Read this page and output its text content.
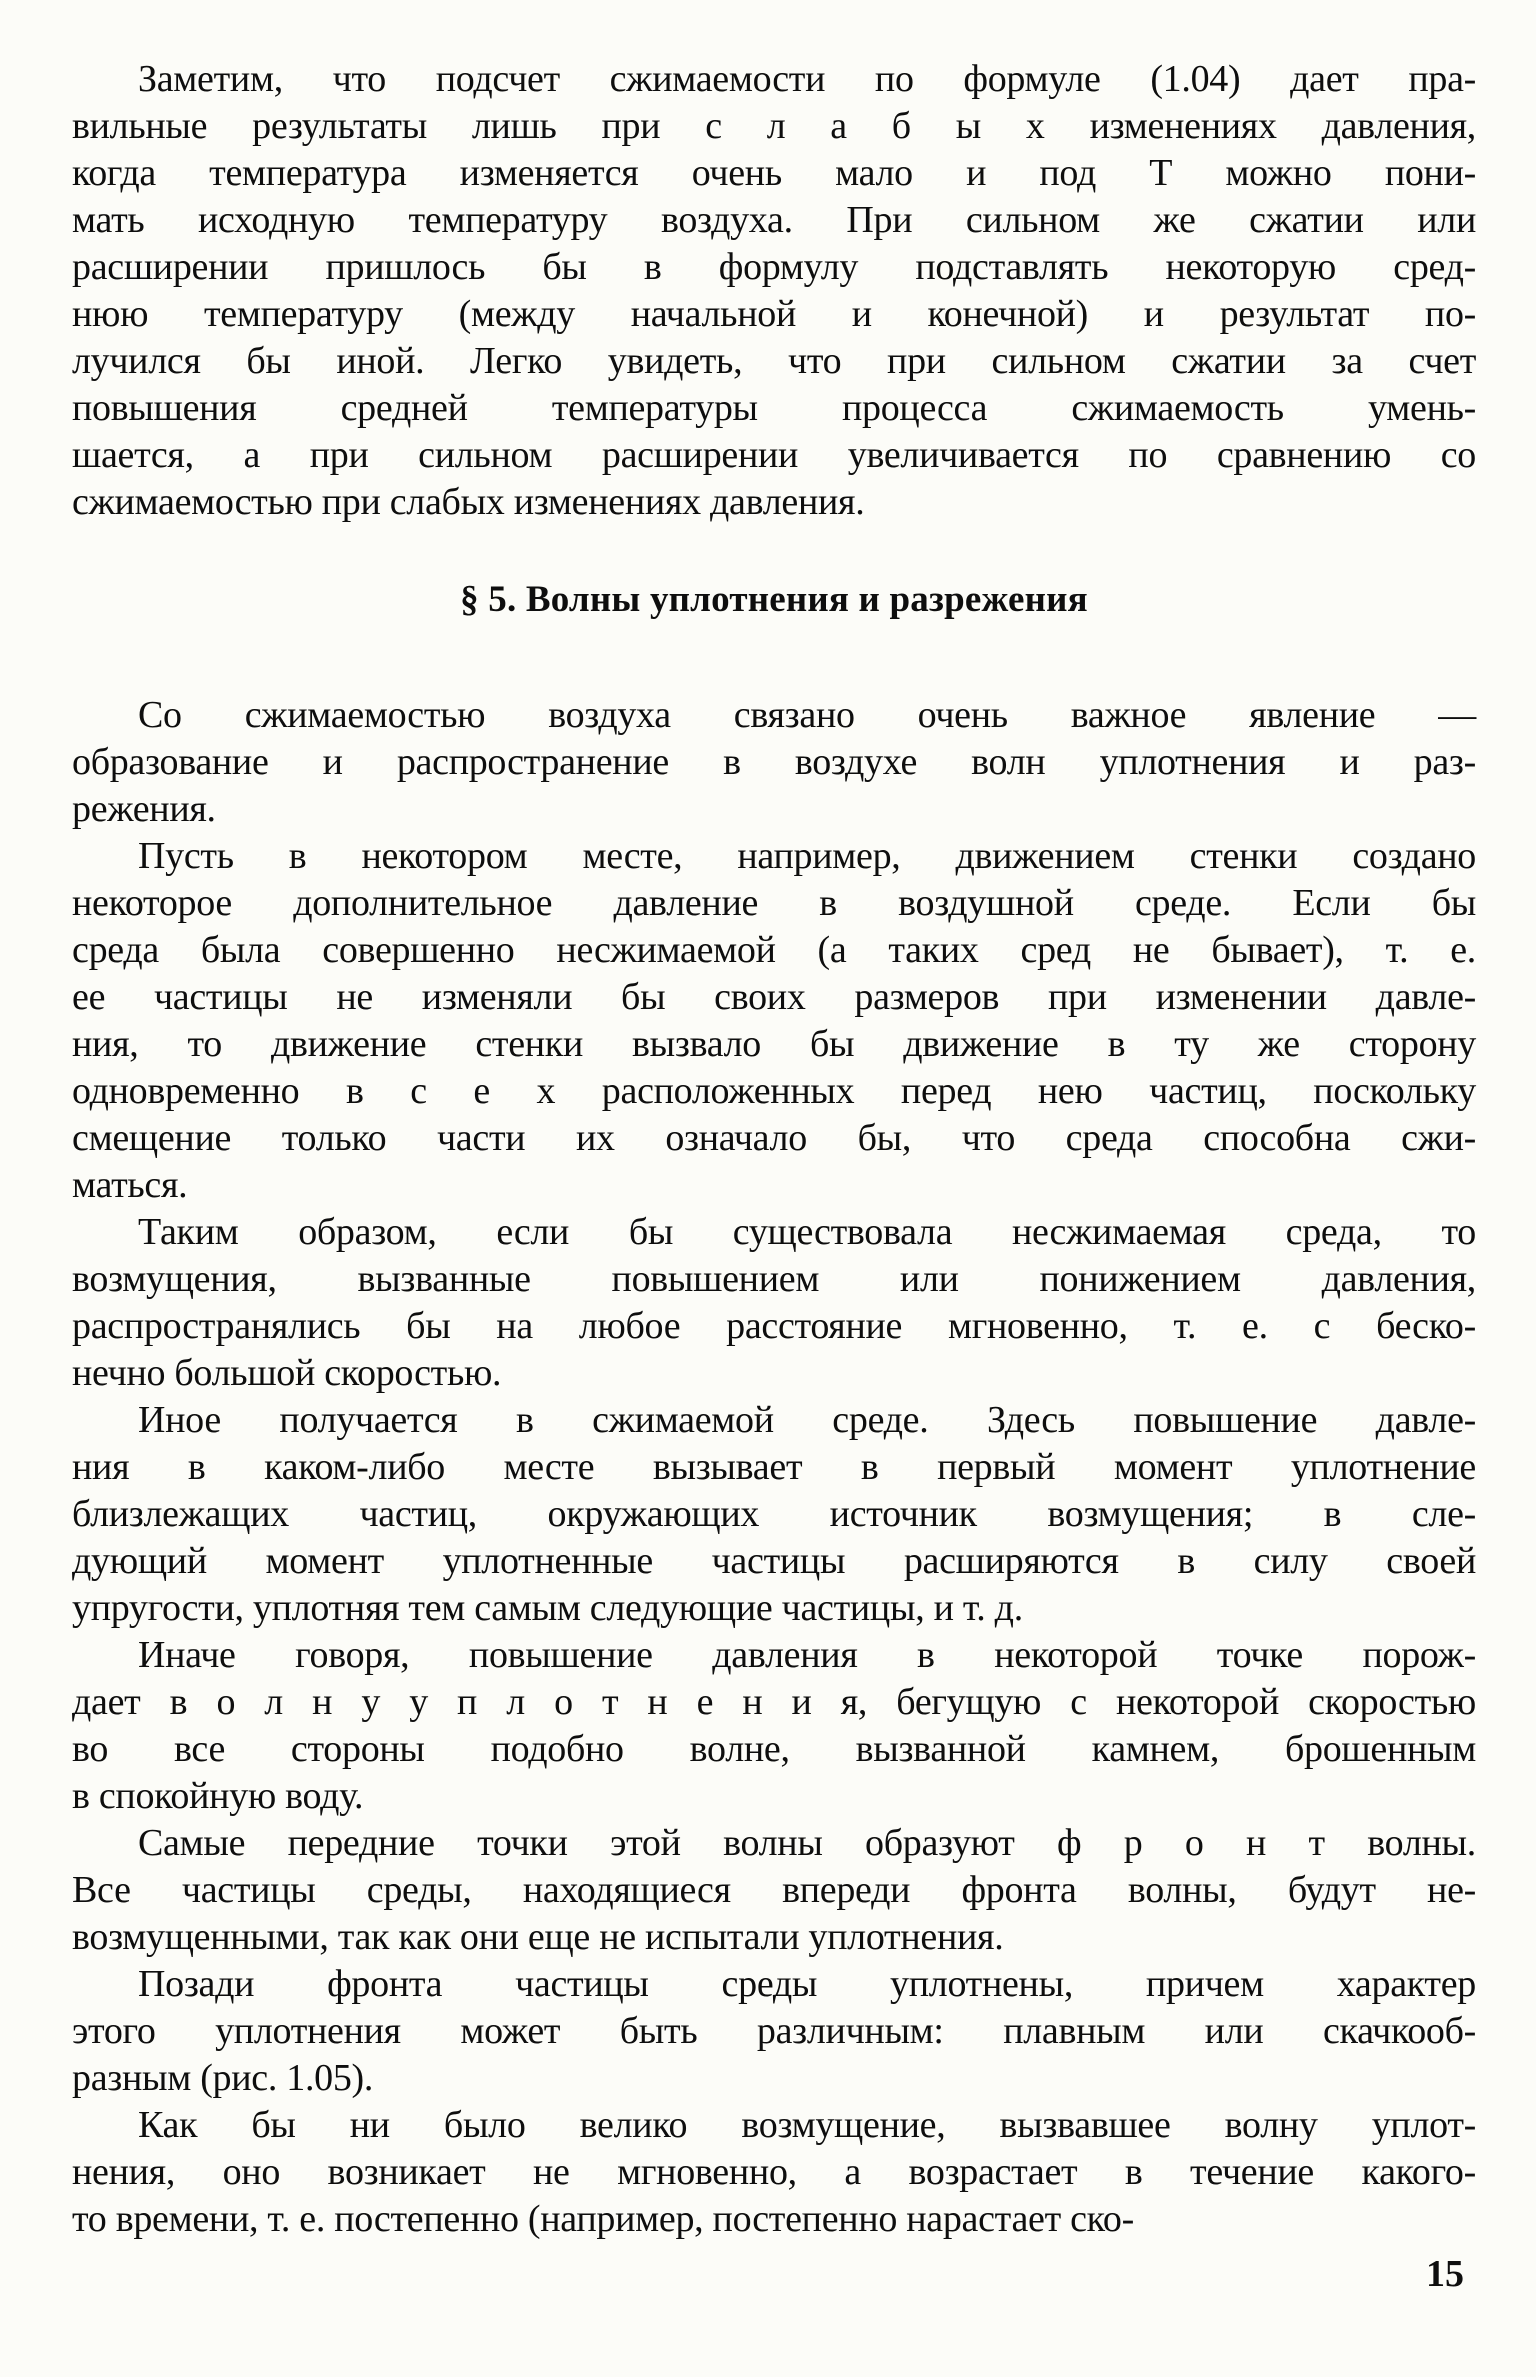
Заметим, что подсчет сжимаемости по формуле (1.04) дает пра-
вильные результаты лишь при с л а б ы х изменениях давления,
когда температура изменяется очень мало и под Т можно пони-
мать исходную температуру воздуха. При сильном же сжатии или
расширении пришлось бы в формулу подставлять некоторую сред-
нюю температуру (между начальной и конечной) и результат по-
лучился бы иной. Легко увидеть, что при сильном сжатии за счет
повышения средней температуры процесса сжимаемость умень-
шается, а при сильном расширении увеличивается по сравнению со
сжимаемостью при слабых изменениях давления.
§ 5. Волны уплотнения и разрежения
Со сжимаемостью воздуха связано очень важное явление —
образование и распространение в воздухе волн уплотнения и раз-
режения.
Пусть в некотором месте, например, движением стенки создано
некоторое дополнительное давление в воздушной среде. Если бы
среда была совершенно несжимаемой (а таких сред не бывает), т. е.
ее частицы не изменяли бы своих размеров при изменении давле-
ния, то движение стенки вызвало бы движение в ту же сторону
одновременно в с е х расположенных перед нею частиц, поскольку
смещение только части их означало бы, что среда способна сжи-
маться.
Таким образом, если бы существовала несжимаемая среда, то
возмущения, вызванные повышением или понижением давления,
распространялись бы на любое расстояние мгновенно, т. е. с беско-
нечно большой скоростью.
Иное получается в сжимаемой среде. Здесь повышение давле-
ния в каком-либо месте вызывает в первый момент уплотнение
близлежащих частиц, окружающих источник возмущения; в сле-
дующий момент уплотненные частицы расширяются в силу своей
упругости, уплотняя тем самым следующие частицы, и т. д.
Иначе говоря, повышение давления в некоторой точке порож-
дает в о л н у у п л о т н е н и я, бегущую с некоторой скоростью
во все стороны подобно волне, вызванной камнем, брошенным
в спокойную воду.
Самые передние точки этой волны образуют ф р о н т волны.
Все частицы среды, находящиеся впереди фронта волны, будут не-
возмущенными, так как они еще не испытали уплотнения.
Позади фронта частицы среды уплотнены, причем характер
этого уплотнения может быть различным: плавным или скачкооб-
разным (рис. 1.05).
Как бы ни было велико возмущение, вызвавшее волну уплот-
нения, оно возникает не мгновенно, а возрастает в течение какого-
то времени, т. е. постепенно (например, постепенно нарастает ско-
15
